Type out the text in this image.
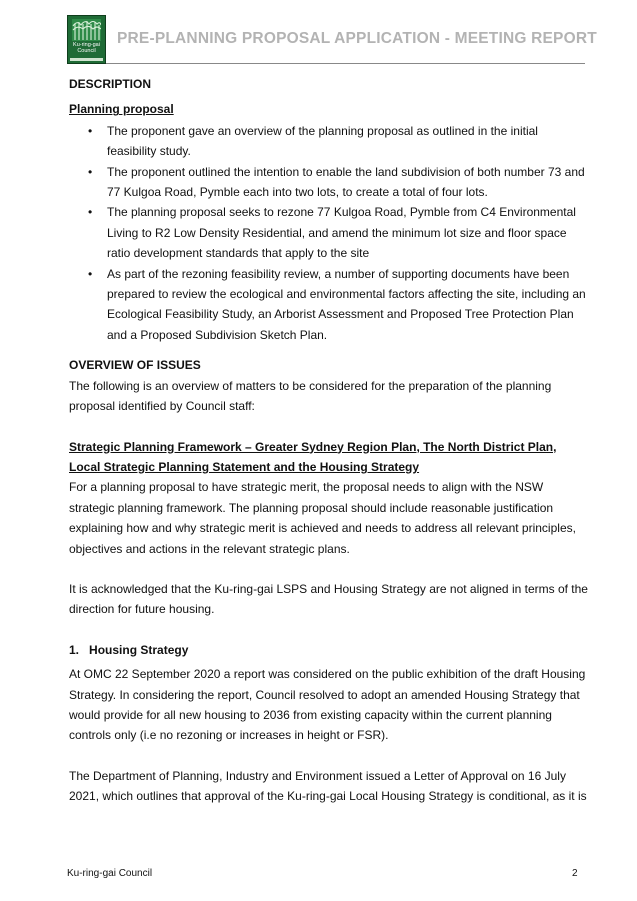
Ku-ring-gai
Council
PRE-PLANNING PROPOSAL APPLICATION - MEETING REPORT

DESCRIPTION

Planning proposal

• The proponent gave an overview of the planning proposal as outlined in the initial feasibility study.
• The proponent outlined the intention to enable the land subdivision of both number 73 and 77 Kulgoa Road, Pymble each into two lots, to create a total of four lots.
• The planning proposal seeks to rezone 77 Kulgoa Road, Pymble from C4 Environmental Living to R2 Low Density Residential, and amend the minimum lot size and floor space ratio development standards that apply to the site
• As part of the rezoning feasibility review, a number of supporting documents have been prepared to review the ecological and environmental factors affecting the site, including an Ecological Feasibility Study, an Arborist Assessment and Proposed Tree Protection Plan and a Proposed Subdivision Sketch Plan.

OVERVIEW OF ISSUES

The following is an overview of matters to be considered for the preparation of the planning proposal identified by Council staff:

Strategic Planning Framework – Greater Sydney Region Plan, The North District Plan, Local Strategic Planning Statement and the Housing Strategy

For a planning proposal to have strategic merit, the proposal needs to align with the NSW strategic planning framework. The planning proposal should include reasonable justification explaining how and why strategic merit is achieved and needs to address all relevant principles, objectives and actions in the relevant strategic plans.

It is acknowledged that the Ku-ring-gai LSPS and Housing Strategy are not aligned in terms of the direction for future housing.

1. Housing Strategy

At OMC 22 September 2020 a report was considered on the public exhibition of the draft Housing Strategy. In considering the report, Council resolved to adopt an amended Housing Strategy that would provide for all new housing to 2036 from existing capacity within the current planning controls only (i.e no rezoning or increases in height or FSR).

The Department of Planning, Industry and Environment issued a Letter of Approval on 16 July 2021, which outlines that approval of the Ku-ring-gai Local Housing Strategy is conditional, as it is

Ku-ring-gai Council	2
